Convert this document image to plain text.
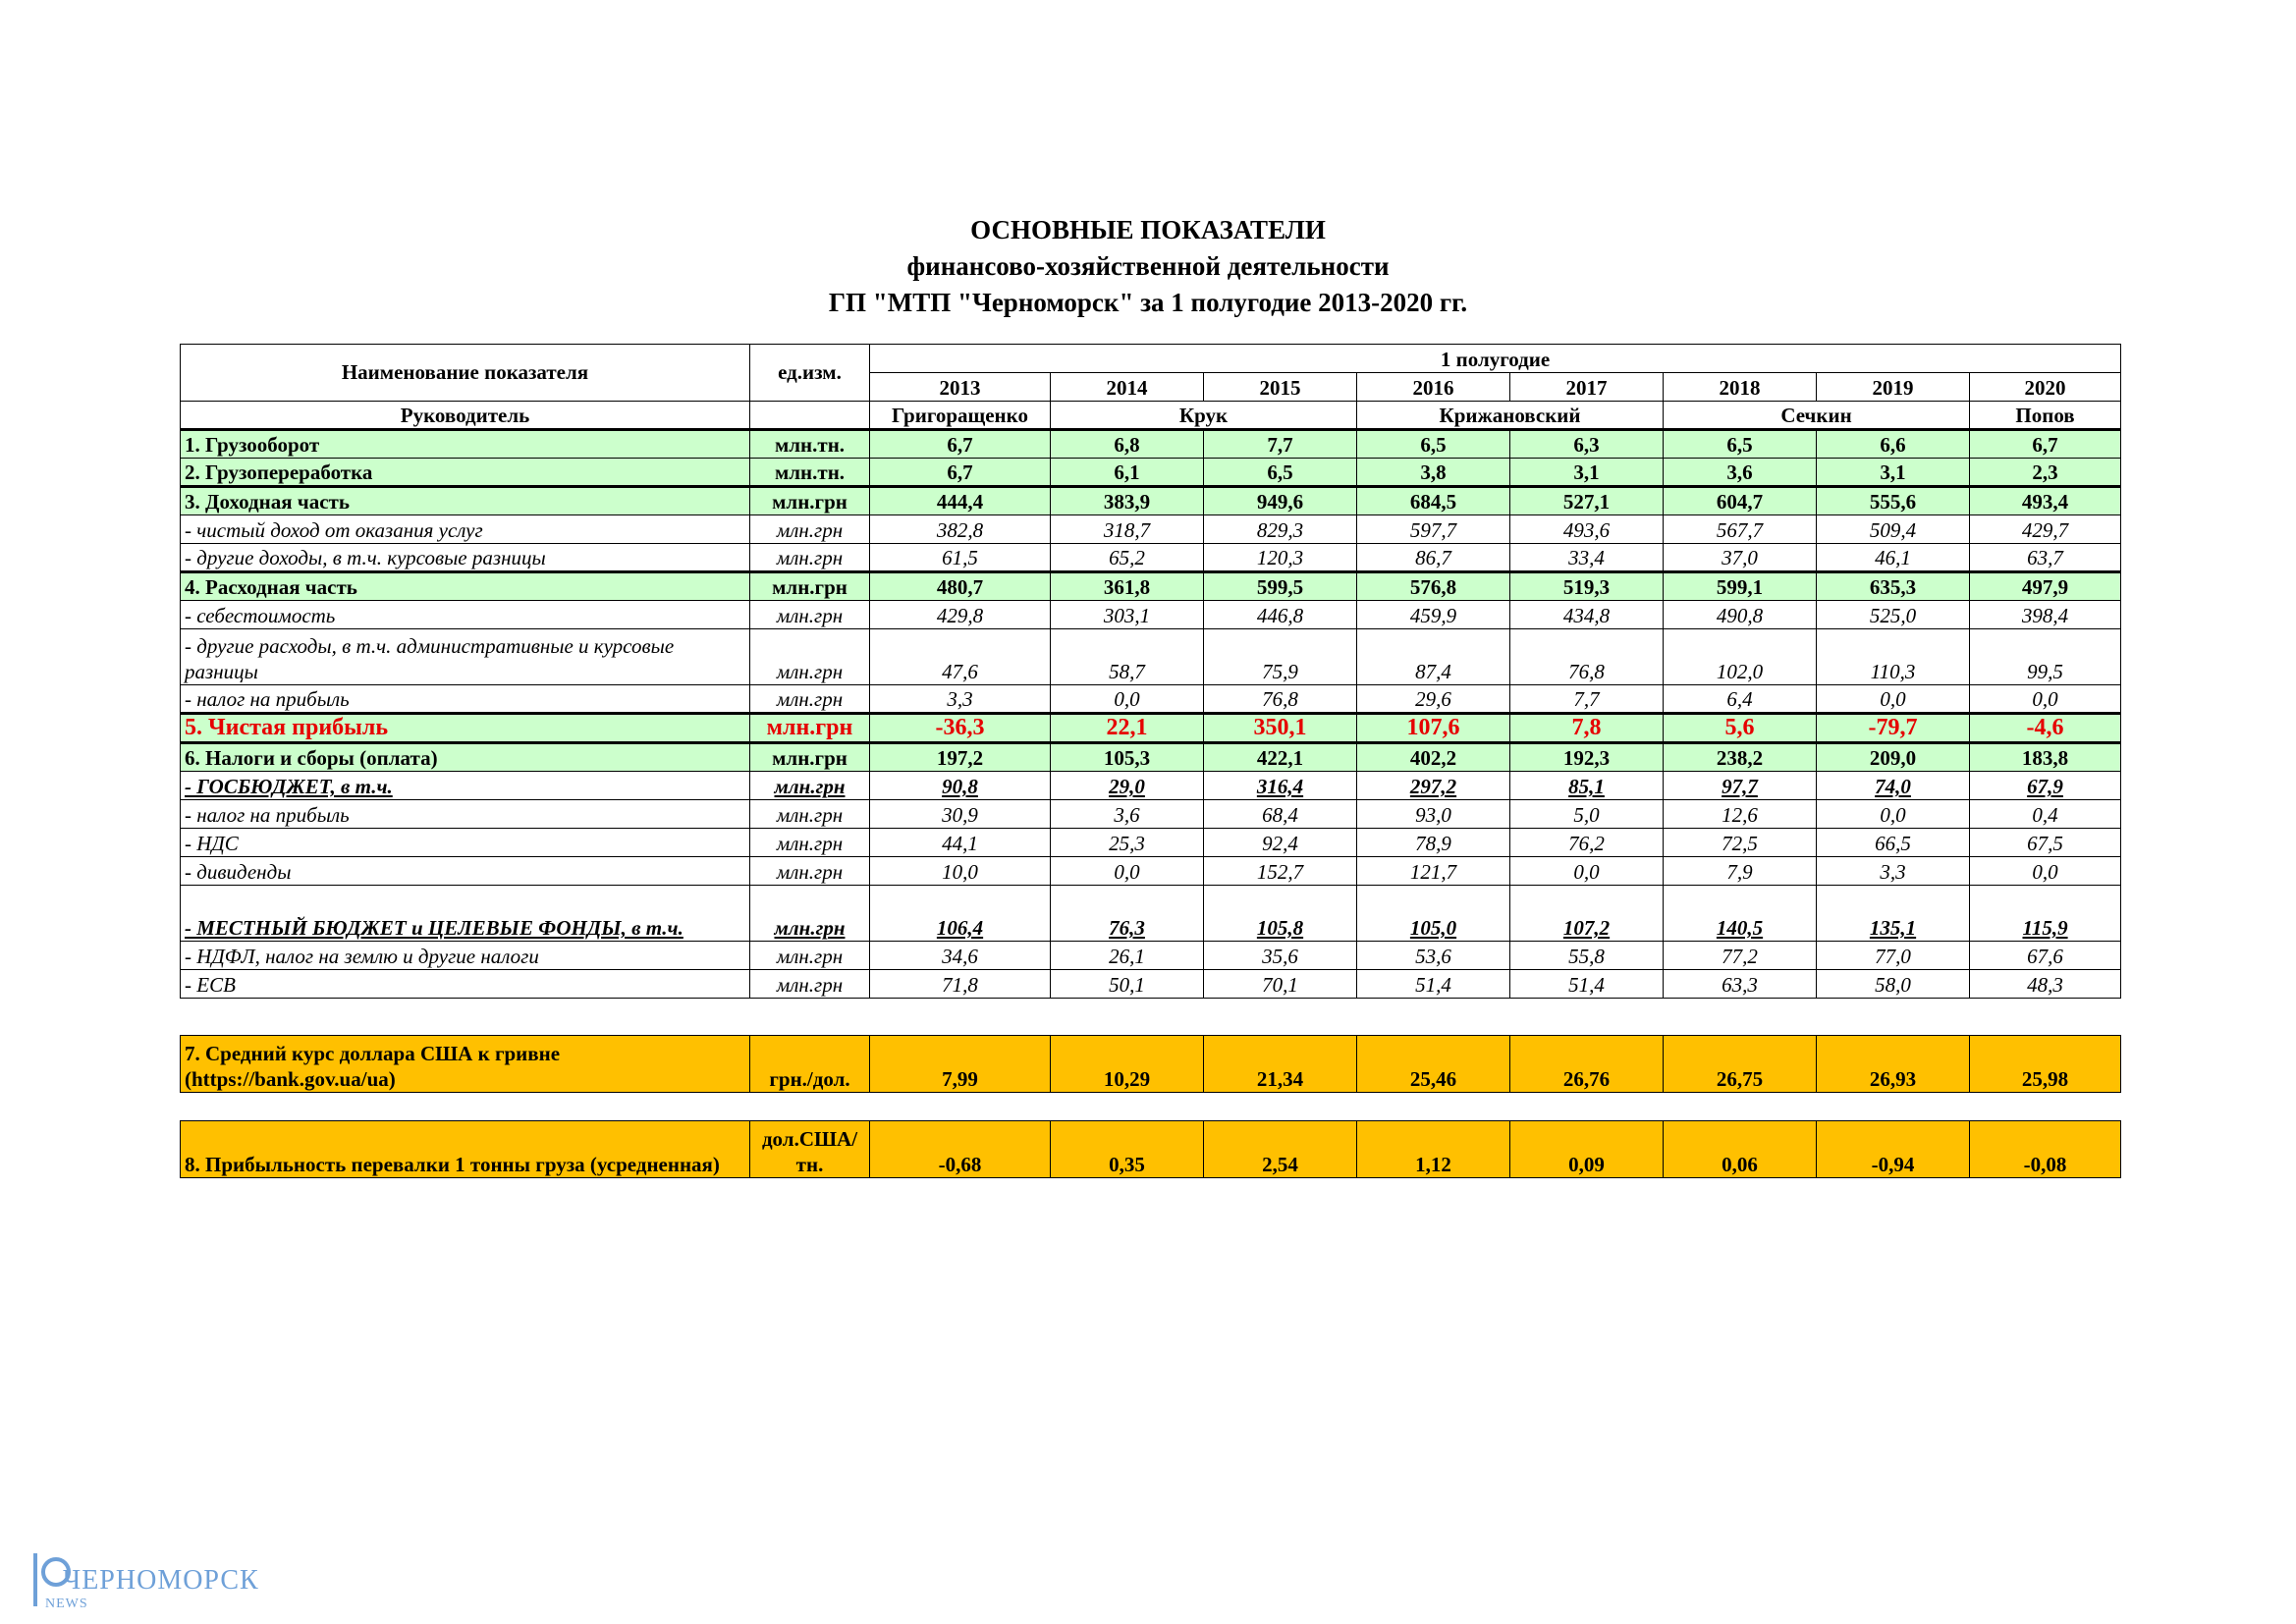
ОСНОВНЫЕ ПОКАЗАТЕЛИ
финансово-хозяйственной деятельности
ГП "МТП "Черноморск" за 1 полугодие 2013-2020 гг.
Наименование показателя	ед.изм.	1 полугодие							
		2013	2014	2015	2016	2017	2018	2019	2020
Руководитель		Григоращенко	Крук		Крижановский		Сечкин		Попов
1. Грузооборот	млн.тн.	6,7	6,8	7,7	6,5	6,3	6,5	6,6	6,7
2. Грузопереработка	млн.тн.	6,7	6,1	6,5	3,8	3,1	3,6	3,1	2,3
3. Доходная часть	млн.грн	444,4	383,9	949,6	684,5	527,1	604,7	555,6	493,4
- чистый доход от оказания услуг	млн.грн	382,8	318,7	829,3	597,7	493,6	567,7	509,4	429,7
- другие доходы, в т.ч. курсовые разницы	млн.грн	61,5	65,2	120,3	86,7	33,4	37,0	46,1	63,7
4. Расходная часть	млн.грн	480,7	361,8	599,5	576,8	519,3	599,1	635,3	497,9
- себестоимость	млн.грн	429,8	303,1	446,8	459,9	434,8	490,8	525,0	398,4
- другие расходы, в т.ч. административные и курсовые разницы	млн.грн	47,6	58,7	75,9	87,4	76,8	102,0	110,3	99,5
- налог на прибыль	млн.грн	3,3	0,0	76,8	29,6	7,7	6,4	0,0	0,0
5. Чистая прибыль	млн.грн	-36,3	22,1	350,1	107,6	7,8	5,6	-79,7	-4,6
6. Налоги и сборы (оплата)	млн.грн	197,2	105,3	422,1	402,2	192,3	238,2	209,0	183,8
- ГОСБЮДЖЕТ, в т.ч.	млн.грн	90,8	29,0	316,4	297,2	85,1	97,7	74,0	67,9
- налог на прибыль	млн.грн	30,9	3,6	68,4	93,0	5,0	12,6	0,0	0,4
- НДС	млн.грн	44,1	25,3	92,4	78,9	76,2	72,5	66,5	67,5
- дивиденды	млн.грн	10,0	0,0	152,7	121,7	0,0	7,9	3,3	0,0
- МЕСТНЫЙ БЮДЖЕТ и ЦЕЛЕВЫЕ ФОНДЫ, в т.ч.	млн.грн	106,4	76,3	105,8	105,0	107,2	140,5	135,1	115,9
- НДФЛ, налог на землю и другие налоги	млн.грн	34,6	26,1	35,6	53,6	55,8	77,2	77,0	67,6
- ЕСВ	млн.грн	71,8	50,1	70,1	51,4	51,4	63,3	58,0	48,3
7. Средний курс доллара США к гривне (https://bank.gov.ua/ua)	грн./дол.	7,99	10,29	21,34	25,46	26,76	26,75	26,93	25,98
8. Прибыльность перевалки 1 тонны груза (усредненная)	дол.США/ тн.	-0,68	0,35	2,54	1,12	0,09	0,06	-0,94	-0,08
ЧЕРНОМОРСК
NEWS
